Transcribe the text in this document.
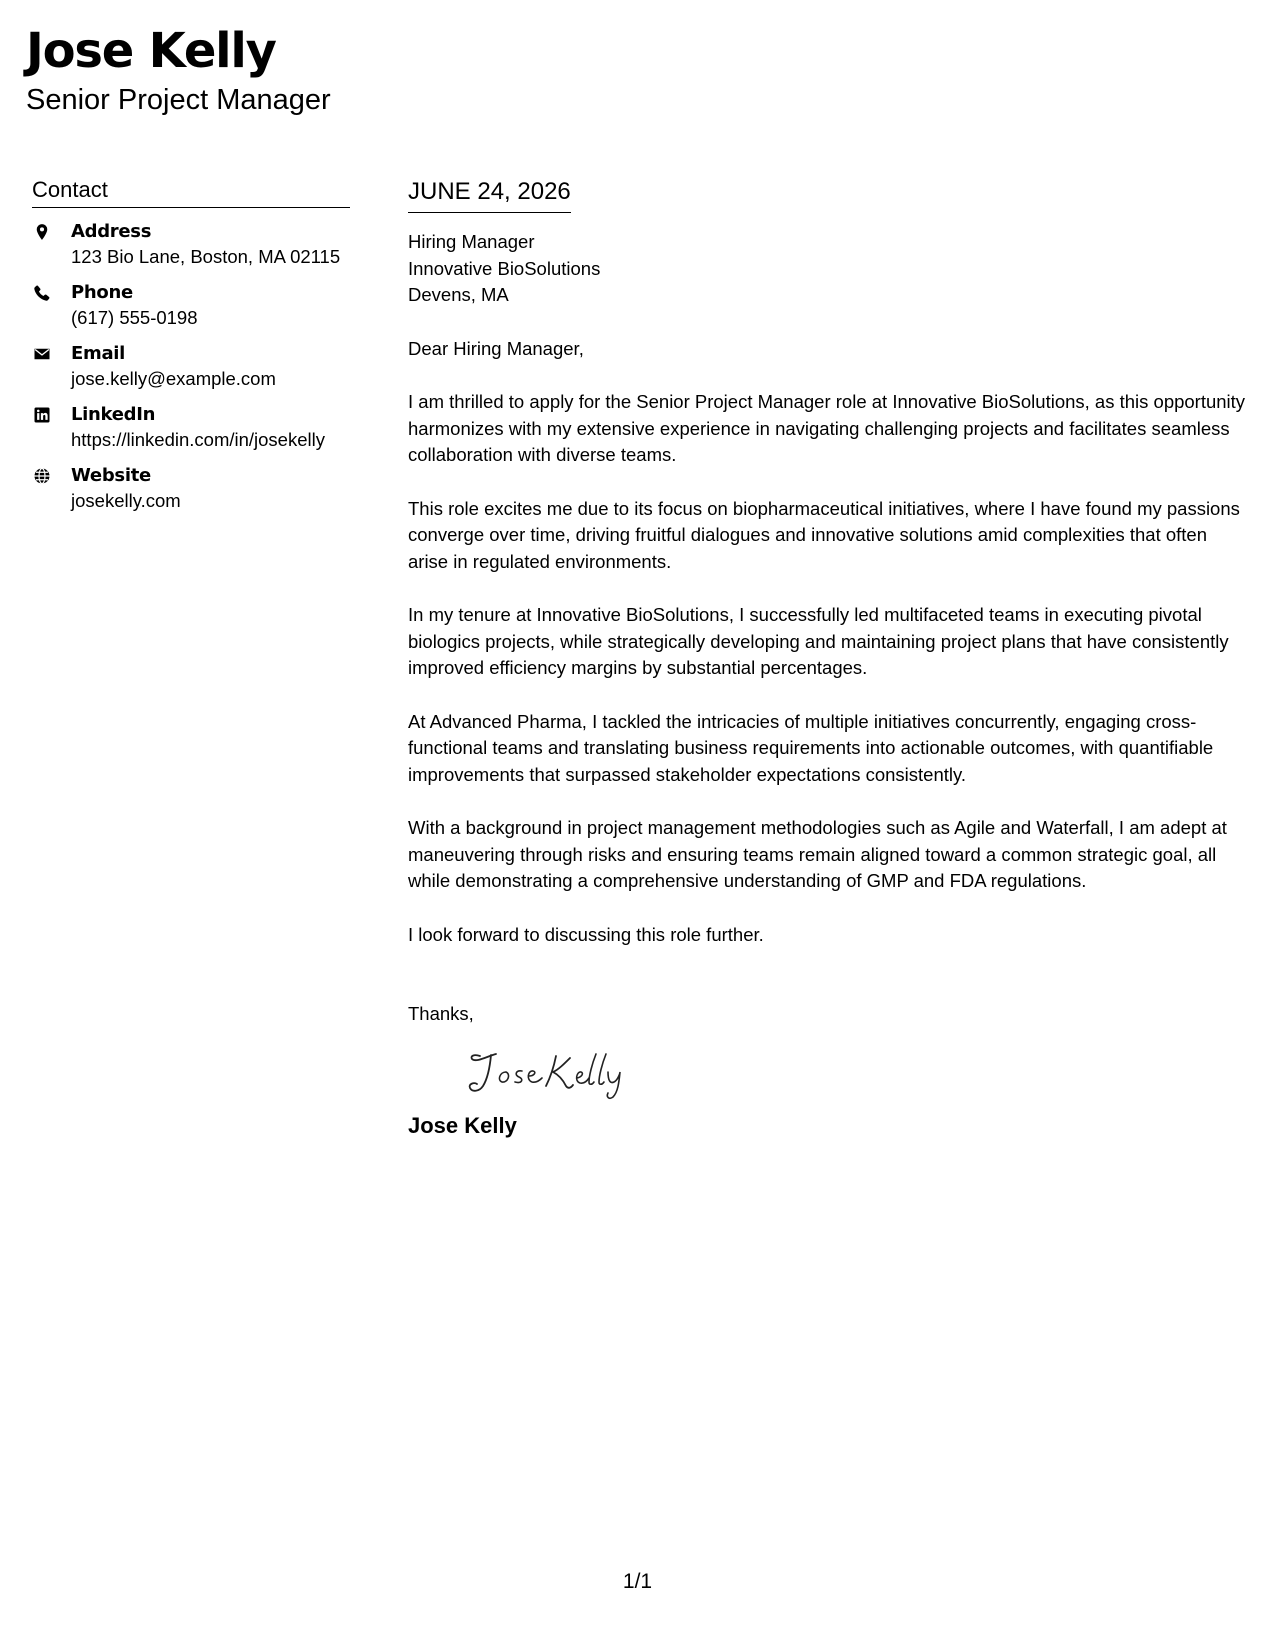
Jose Kelly
Senior Project Manager
Contact
Address
123 Bio Lane, Boston, MA 02115
Phone
(617) 555-0198
Email
jose.kelly@example.com
LinkedIn
https://linkedin.com/in/josekelly
Website
josekelly.com
JUNE 24, 2026
Hiring Manager
Innovative BioSolutions
Devens, MA
Dear Hiring Manager,
I am thrilled to apply for the Senior Project Manager role at Innovative BioSolutions, as this opportunity harmonizes with my extensive experience in navigating challenging projects and facilitates seamless collaboration with diverse teams.
This role excites me due to its focus on biopharmaceutical initiatives, where I have found my passions converge over time, driving fruitful dialogues and innovative solutions amid complexities that often arise in regulated environments.
In my tenure at Innovative BioSolutions, I successfully led multifaceted teams in executing pivotal biologics projects, while strategically developing and maintaining project plans that have consistently improved efficiency margins by substantial percentages.
At Advanced Pharma, I tackled the intricacies of multiple initiatives concurrently, engaging cross-functional teams and translating business requirements into actionable outcomes, with quantifiable improvements that surpassed stakeholder expectations consistently.
With a background in project management methodologies such as Agile and Waterfall, I am adept at maneuvering through risks and ensuring teams remain aligned toward a common strategic goal, all while demonstrating a comprehensive understanding of GMP and FDA regulations.
I look forward to discussing this role further.
Thanks,
Jose Kelly
1/1
